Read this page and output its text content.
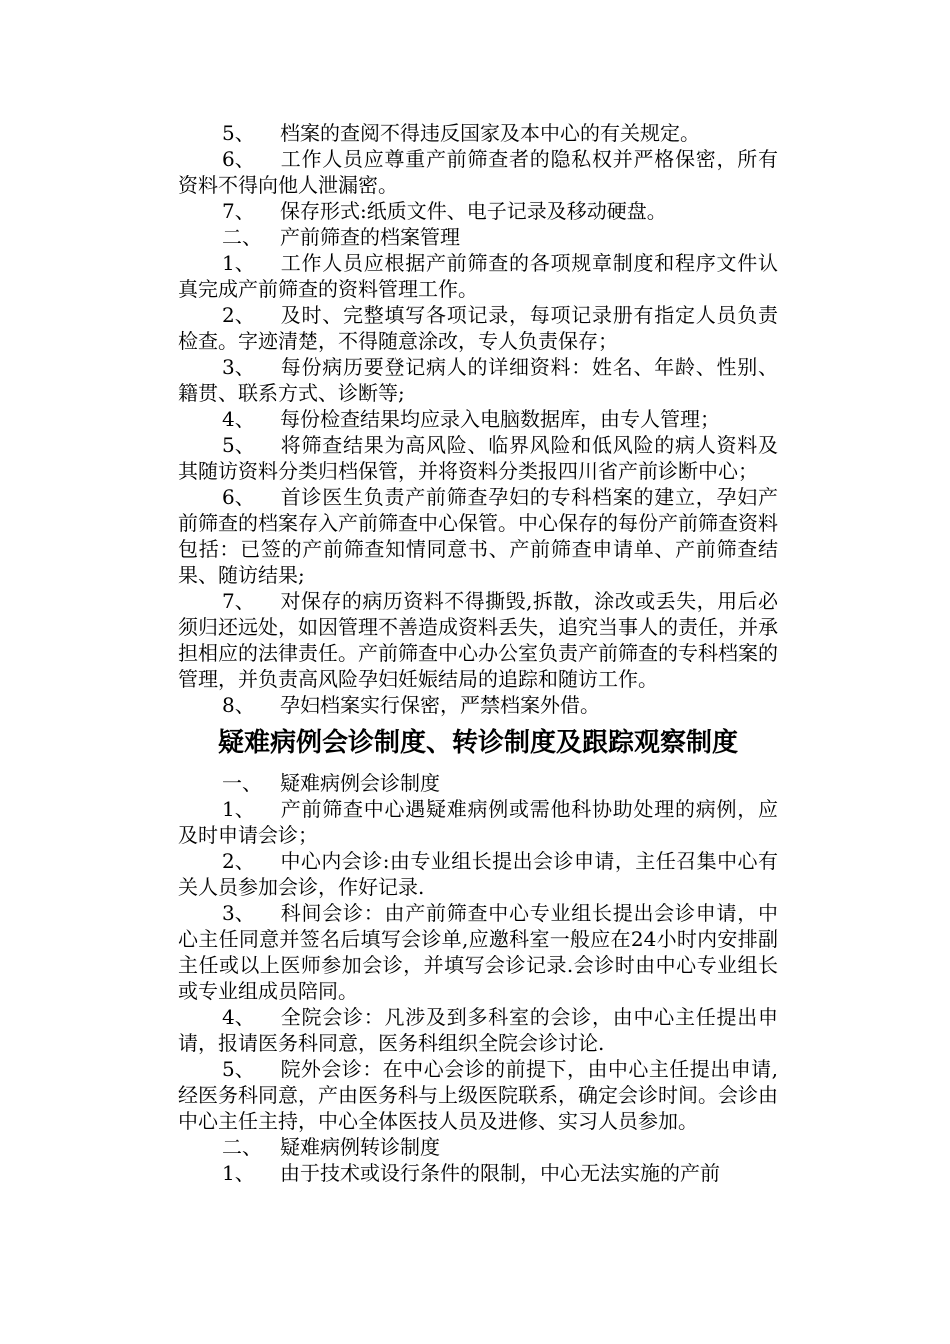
5、 档案的查阅不得违反国家及本中心的有关规定。

6、 工作人员应尊重产前筛查者的隐私权并严格保密，所有资料不得向他人泄漏密。

7、 保存形式:纸质文件、电子记录及移动硬盘。

二、 产前筛查的档案管理

1、 工作人员应根据产前筛查的各项规章制度和程序文件认真完成产前筛查的资料管理工作。

2、 及时、完整填写各项记录，每项记录册有指定人员负责检查。字迹清楚，不得随意涂改，专人负责保存；

3、 每份病历要登记病人的详细资料：姓名、年龄、性别、籍贯、联系方式、诊断等;

4、 每份检查结果均应录入电脑数据库，由专人管理；

5、 将筛查结果为高风险、临界风险和低风险的病人资料及其随访资料分类归档保管，并将资料分类报四川省产前诊断中心；

6、 首诊医生负责产前筛查孕妇的专科档案的建立，孕妇产前筛查的档案存入产前筛查中心保管。中心保存的每份产前筛查资料包括：已签的产前筛查知情同意书、产前筛查申请单、产前筛查结果、随访结果;

7、 对保存的病历资料不得撕毁,拆散，涂改或丢失，用后必须归还远处，如因管理不善造成资料丢失，追究当事人的责任，并承担相应的法律责任。产前筛查中心办公室负责产前筛查的专科档案的管理，并负责高风险孕妇妊娠结局的追踪和随访工作。

8、 孕妇档案实行保密，严禁档案外借。

疑难病例会诊制度、转诊制度及跟踪观察制度

一、 疑难病例会诊制度

1、 产前筛查中心遇疑难病例或需他科协助处理的病例，应及时申请会诊；

2、 中心内会诊:由专业组长提出会诊申请，主任召集中心有关人员参加会诊，作好记录.

3、 科间会诊：由产前筛查中心专业组长提出会诊申请，中心主任同意并签名后填写会诊单,应邀科室一般应在24小时内安排副主任或以上医师参加会诊，并填写会诊记录.会诊时由中心专业组长或专业组成员陪同。

4、 全院会诊：凡涉及到多科室的会诊，由中心主任提出申请，报请医务科同意，医务科组织全院会诊讨论.

5、 院外会诊：在中心会诊的前提下，由中心主任提出申请,经医务科同意，产由医务科与上级医院联系，确定会诊时间。会诊由中心主任主持，中心全体医技人员及进修、实习人员参加。

二、 疑难病例转诊制度

1、 由于技术或设行条件的限制，中心无法实施的产前
